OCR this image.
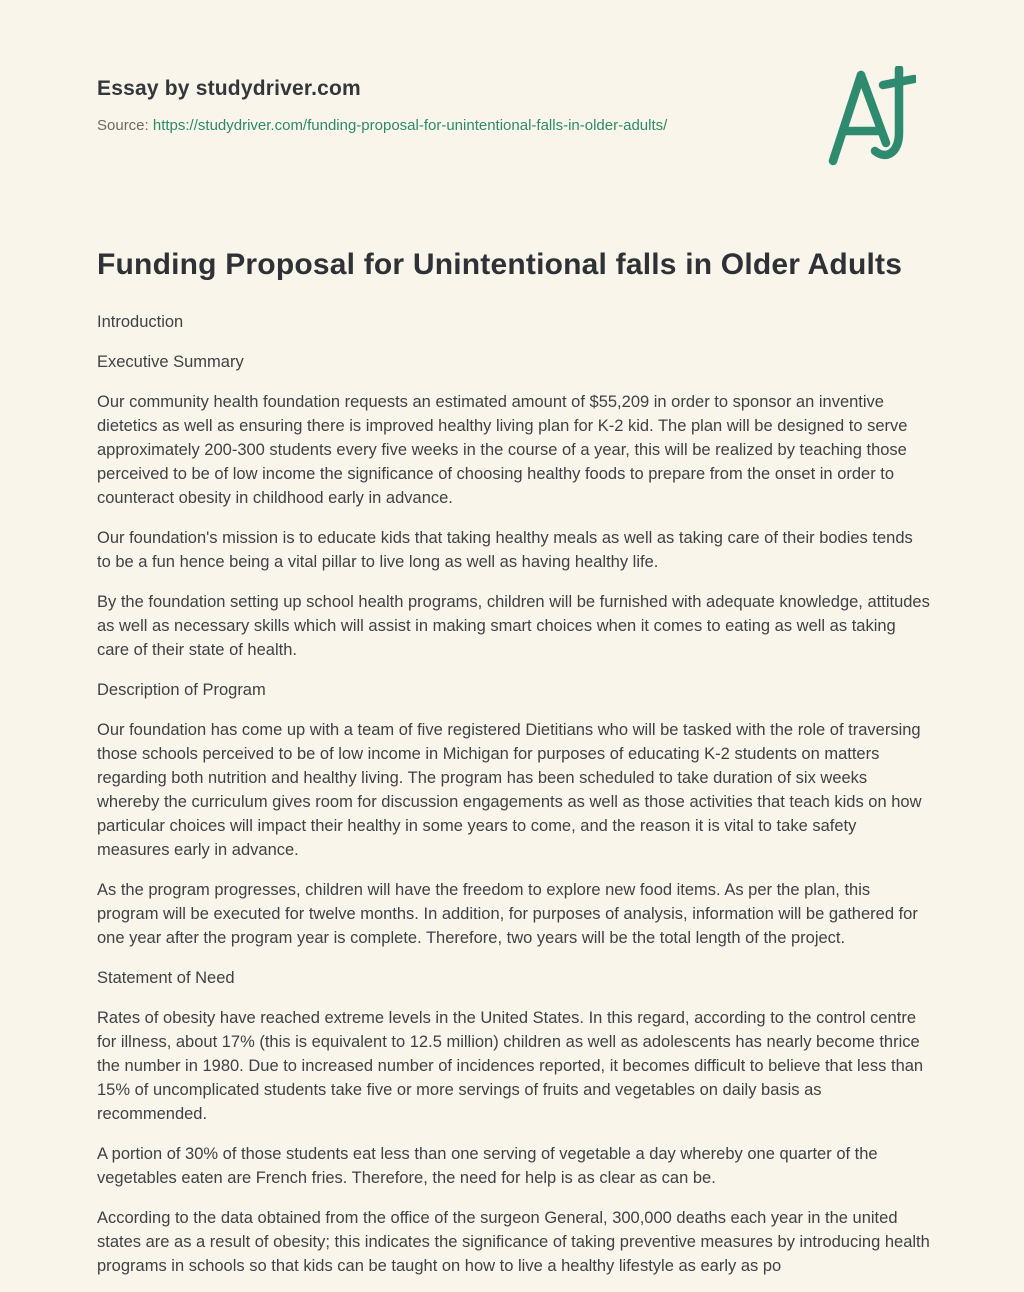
Essay by studydriver.com
Source: https://studydriver.com/funding-proposal-for-unintentional-falls-in-older-adults/
Funding Proposal for Unintentional falls in Older Adults

Introduction

Executive Summary

Our community health foundation requests an estimated amount of $55,209 in order to sponsor an inventive dietetics as well as ensuring there is improved healthy living plan for K-2 kid. The plan will be designed to serve approximately 200-300 students every five weeks in the course of a year, this will be realized by teaching those perceived to be of low income the significance of choosing healthy foods to prepare from the onset in order to counteract obesity in childhood early in advance.

Our foundation's mission is to educate kids that taking healthy meals as well as taking care of their bodies tends to be a fun hence being a vital pillar to live long as well as having healthy life.

By the foundation setting up school health programs, children will be furnished with adequate knowledge, attitudes as well as necessary skills which will assist in making smart choices when it comes to eating as well as taking care of their state of health.

Description of Program

Our foundation has come up with a team of five registered Dietitians who will be tasked with the role of traversing those schools perceived to be of low income in Michigan for purposes of educating K-2 students on matters regarding both nutrition and healthy living. The program has been scheduled to take duration of six weeks whereby the curriculum gives room for discussion engagements as well as those activities that teach kids on how particular choices will impact their healthy in some years to come, and the reason it is vital to take safety measures early in advance.

As the program progresses, children will have the freedom to explore new food items. As per the plan, this program will be executed for twelve months. In addition, for purposes of analysis, information will be gathered for one year after the program year is complete. Therefore, two years will be the total length of the project.

Statement of Need

Rates of obesity have reached extreme levels in the United States. In this regard, according to the control centre for illness, about 17% (this is equivalent to 12.5 million) children as well as adolescents has nearly become thrice the number in 1980. Due to increased number of incidences reported, it becomes difficult to believe that less than 15% of uncomplicated students take five or more servings of fruits and vegetables on daily basis as recommended.

A portion of 30% of those students eat less than one serving of vegetable a day whereby one quarter of the vegetables eaten are French fries. Therefore, the need for help is as clear as can be.

According to the data obtained from the office of the surgeon General, 300,000 deaths each year in the united states are as a result of obesity; this indicates the significance of taking preventive measures by introducing health programs in schools so that kids can be taught on how to live a healthy lifestyle as early as po
